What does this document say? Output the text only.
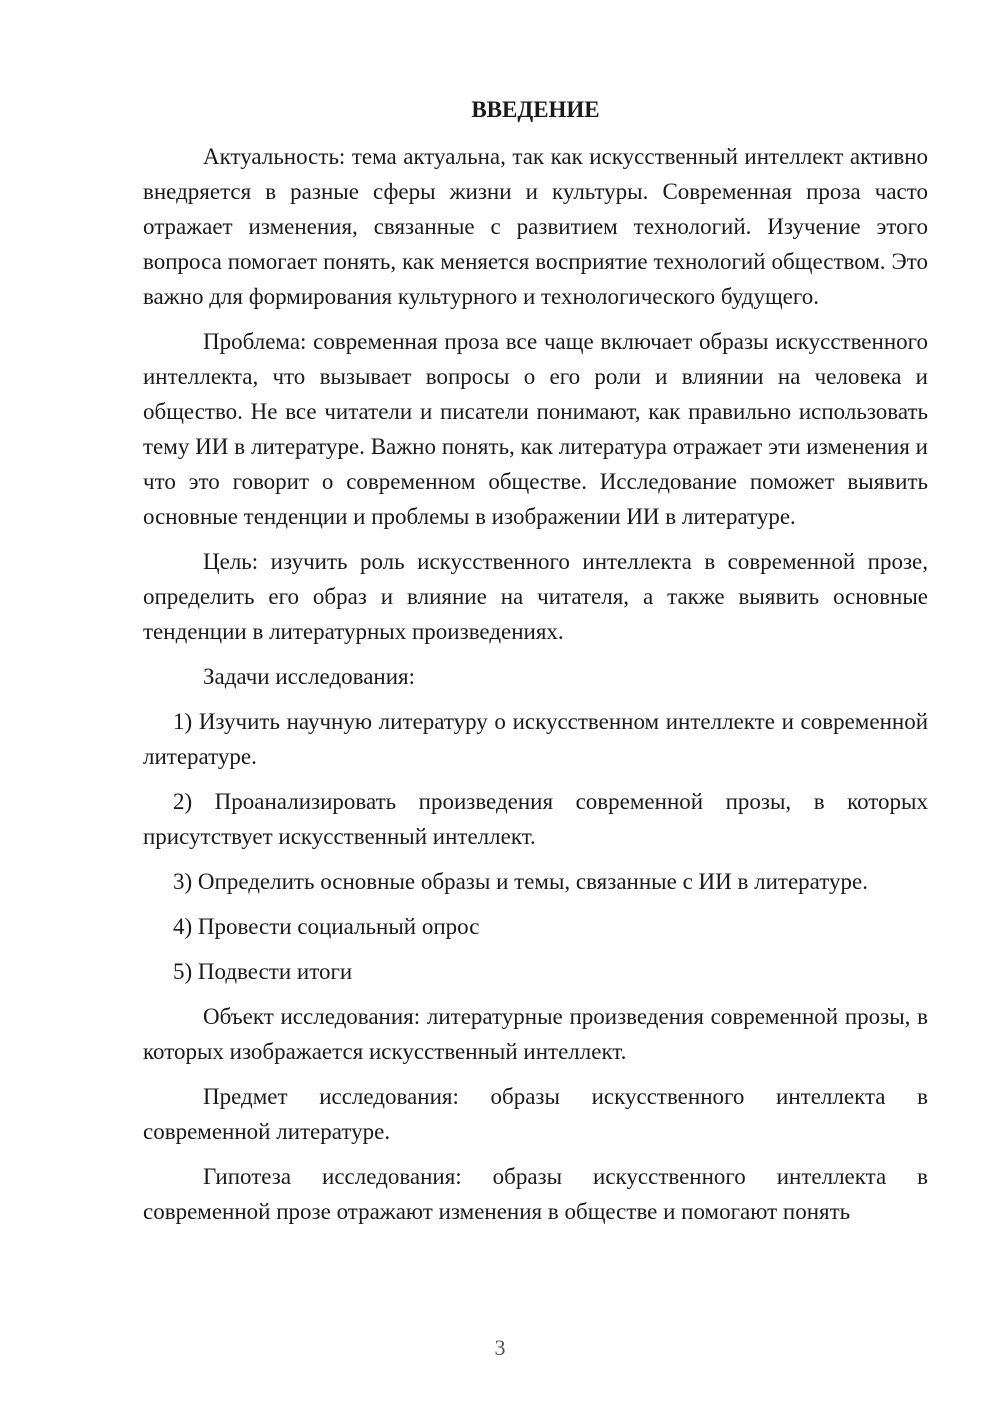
ВВЕДЕНИЕ

Актуальность: тема актуальна, так как искусственный интеллект активно внедряется в разные сферы жизни и культуры. Современная проза часто отражает изменения, связанные с развитием технологий. Изучение этого вопроса помогает понять, как меняется восприятие технологий обществом. Это важно для формирования культурного и технологического будущего.

Проблема: современная проза все чаще включает образы искусственного интеллекта, что вызывает вопросы о его роли и влиянии на человека и общество. Не все читатели и писатели понимают, как правильно использовать тему ИИ в литературе. Важно понять, как литература отражает эти изменения и что это говорит о современном обществе. Исследование поможет выявить основные тенденции и проблемы в изображении ИИ в литературе.

Цель: изучить роль искусственного интеллекта в современной прозе, определить его образ и влияние на читателя, а также выявить основные тенденции в литературных произведениях.

Задачи исследования:

1) Изучить научную литературу о искусственном интеллекте и современной литературе.

2) Проанализировать произведения современной прозы, в которых присутствует искусственный интеллект.

3) Определить основные образы и темы, связанные с ИИ в литературе.

4) Провести социальный опрос

5) Подвести итоги

Объект исследования: литературные произведения современной прозы, в которых изображается искусственный интеллект.

Предмет исследования: образы искусственного интеллекта в современной литературе.

Гипотеза исследования: образы искусственного интеллекта в современной прозе отражают изменения в обществе и помогают понять

3
